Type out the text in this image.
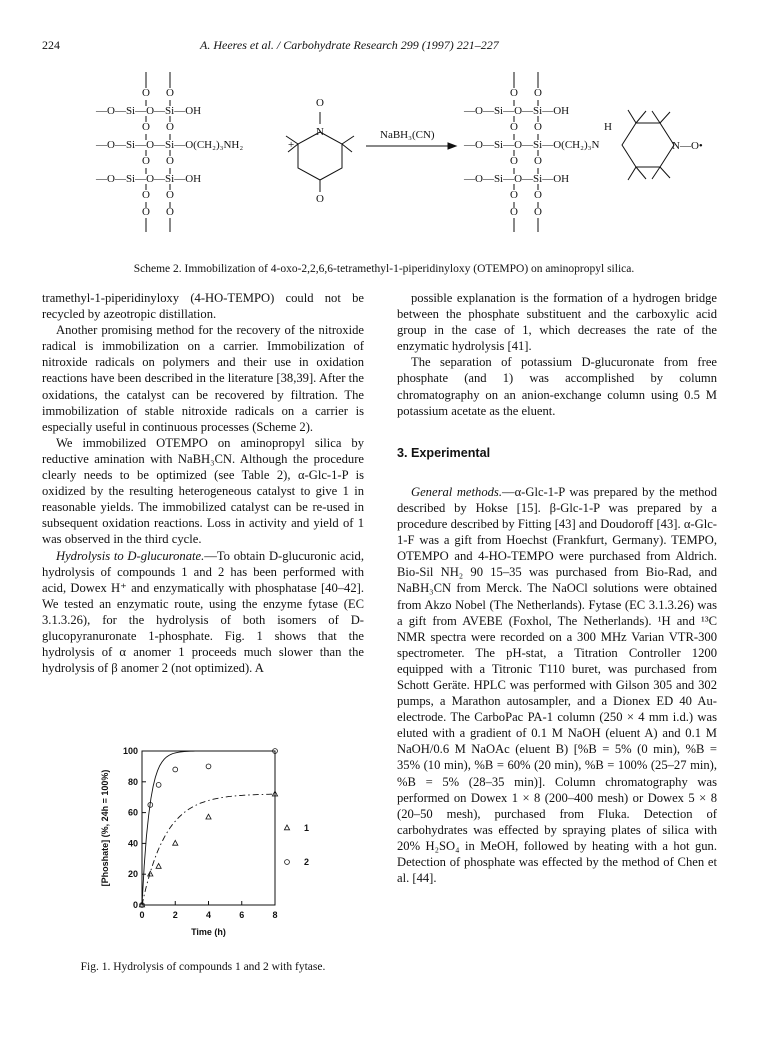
224	A. Heeres et al. / Carbohydrate Research 299 (1997) 221–227
O O
O O
O O
O O
O O
—O—Si—O—Si—OH
—O—Si—O—Si—O(CH₂)₃NH₂
—O—Si—O—Si—OH
+
O
N
O
NaBH₃(CN)
O O
O O
O O
O O
O O
—O—Si—O—Si—OH
—O—Si—O—Si—O(CH₂)₃N
—O—Si—O—Si—OH
H
N—O•
Scheme 2. Immobilization of 4-oxo-2,2,6,6-tetramethyl-1-piperidinyloxy (OTEMPO) on aminopropyl silica.

tramethyl-1-piperidinyloxy (4-HO-TEMPO) could not be recycled by azeotropic distillation.

Another promising method for the recovery of the nitroxide radical is immobilization on a carrier. Immobilization of nitroxide radicals on polymers and their use in oxidation reactions have been described in the literature [38,39]. After the oxidations, the catalyst can be recovered by filtration. The immobilization of stable nitroxide radicals on a carrier is especially useful in continuous processes (Scheme 2).

We immobilized OTEMPO on aminopropyl silica by reductive amination with NaBH₃CN. Although the procedure clearly needs to be optimized (see Table 2), α-Glc-1-P is oxidized by the resulting heterogeneous catalyst to give 1 in reasonable yields. The immobilized catalyst can be re-used in subsequent oxidation reactions. Loss in activity and yield of 1 was observed in the third cycle.

Hydrolysis to D-glucuronate.—To obtain D-glucuronic acid, hydrolysis of compounds 1 and 2 has been performed with acid, Dowex H⁺ and enzymatically with phosphatase [40–42]. We tested an enzymatic route, using the enzyme fytase (EC 3.1.3.26), for the hydrolysis of both isomers of D-glucopyranuronate 1-phosphate. Fig. 1 shows that the hydrolysis of α anomer 1 proceeds much slower than the hydrolysis of β anomer 2 (not optimized). A

possible explanation is the formation of a hydrogen bridge between the phosphate substituent and the carboxylic acid group in the case of 1, which decreases the rate of the enzymatic hydrolysis [41].

The separation of potassium D-glucuronate from free phosphate (and 1) was accomplished by column chromatography on an anion-exchange column using 0.5 M potassium acetate as the eluent.

3. Experimental

General methods.—α-Glc-1-P was prepared by the method described by Hokse [15]. β-Glc-1-P was prepared by a procedure described by Fitting [43] and Doudoroff [43]. α-Glc-1-F was a gift from Hoechst (Frankfurt, Germany). TEMPO, OTEMPO and 4-HO-TEMPO were purchased from Aldrich. Bio-Sil NH₂ 90 15–35 was purchased from Bio-Rad, and NaBH₃CN from Merck. The NaOCl solutions were obtained from Akzo Nobel (The Netherlands). Fytase (EC 3.1.3.26) was a gift from AVEBE (Foxhol, The Netherlands). ¹H and ¹³C NMR spectra were recorded on a 300 MHz Varian VTR-300 spectrometer. The pH-stat, a Titration Controller 1200 equipped with a Titronic T110 buret, was purchased from Schott Geräte. HPLC was performed with Gilson 305 and 302 pumps, a Marathon autosampler, and a Dionex ED 40 Au-electrode. The CarboPac PA-1 column (250 × 4 mm i.d.) was eluted with a gradient of 0.1 M NaOH (eluent A) and 0.1 M NaOH/0.6 M NaOAc (eluent B) [%B = 5% (0 min), %B = 35% (10 min), %B = 60% (20 min), %B = 100% (25–27 min), %B = 5% (28–35 min)]. Column chromatography was performed on Dowex 1 × 8 (200–400 mesh) or Dowex 5 × 8 (20–50 mesh), purchased from Fluka. Detection of carbohydrates was effected by spraying plates of silica with 20% H₂SO₄ in MeOH, followed by heating with a hot gun. Detection of phosphate was effected by the method of Chen et al. [44].

0	2	4	6	8
0
20
40
60
80
100
Time (h)
[Phoshate] (%, 24h = 100%)	1
2
Fig. 1. Hydrolysis of compounds 1 and 2 with fytase.
